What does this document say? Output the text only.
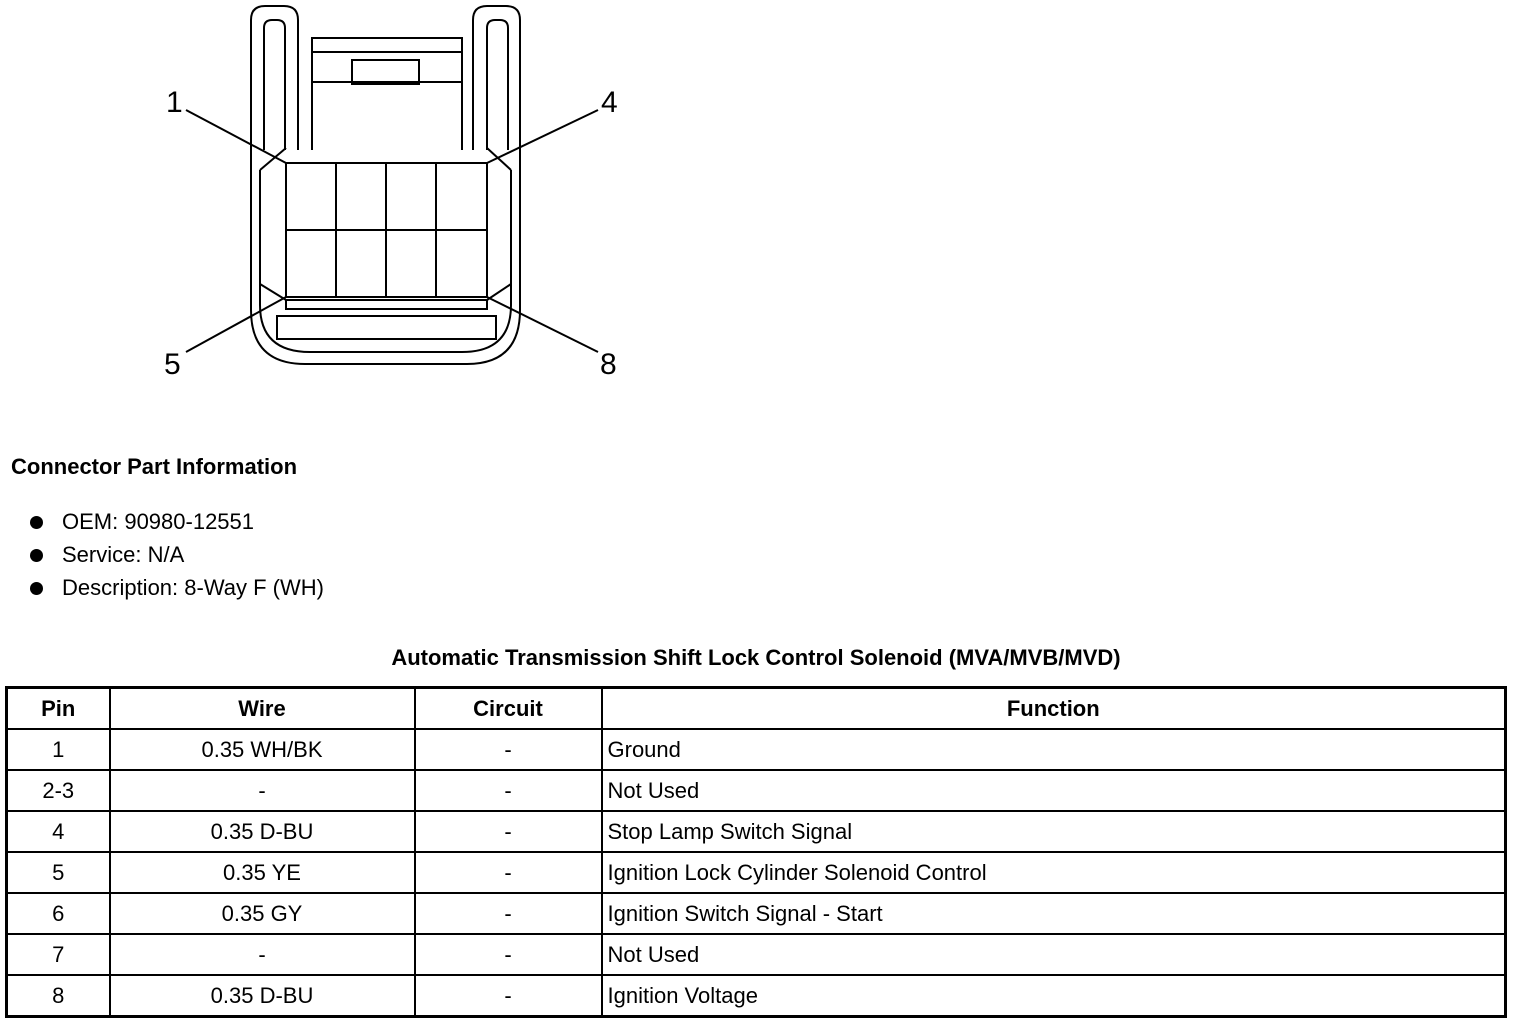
1	4
5	8
Connector Part Information
OEM: 90980-12551
Service: N/A
Description: 8-Way F (WH)
Automatic Transmission Shift Lock Control Solenoid (MVA/MVB/MVD)
Pin	Wire	Circuit	Function
1	0.35 WH/BK	-	Ground
2-3	-	-	Not Used
4	0.35 D-BU	-	Stop Lamp Switch Signal
5	0.35 YE	-	Ignition Lock Cylinder Solenoid Control
6	0.35 GY	-	Ignition Switch Signal - Start
7	-	-	Not Used
8	0.35 D-BU	-	Ignition Voltage
